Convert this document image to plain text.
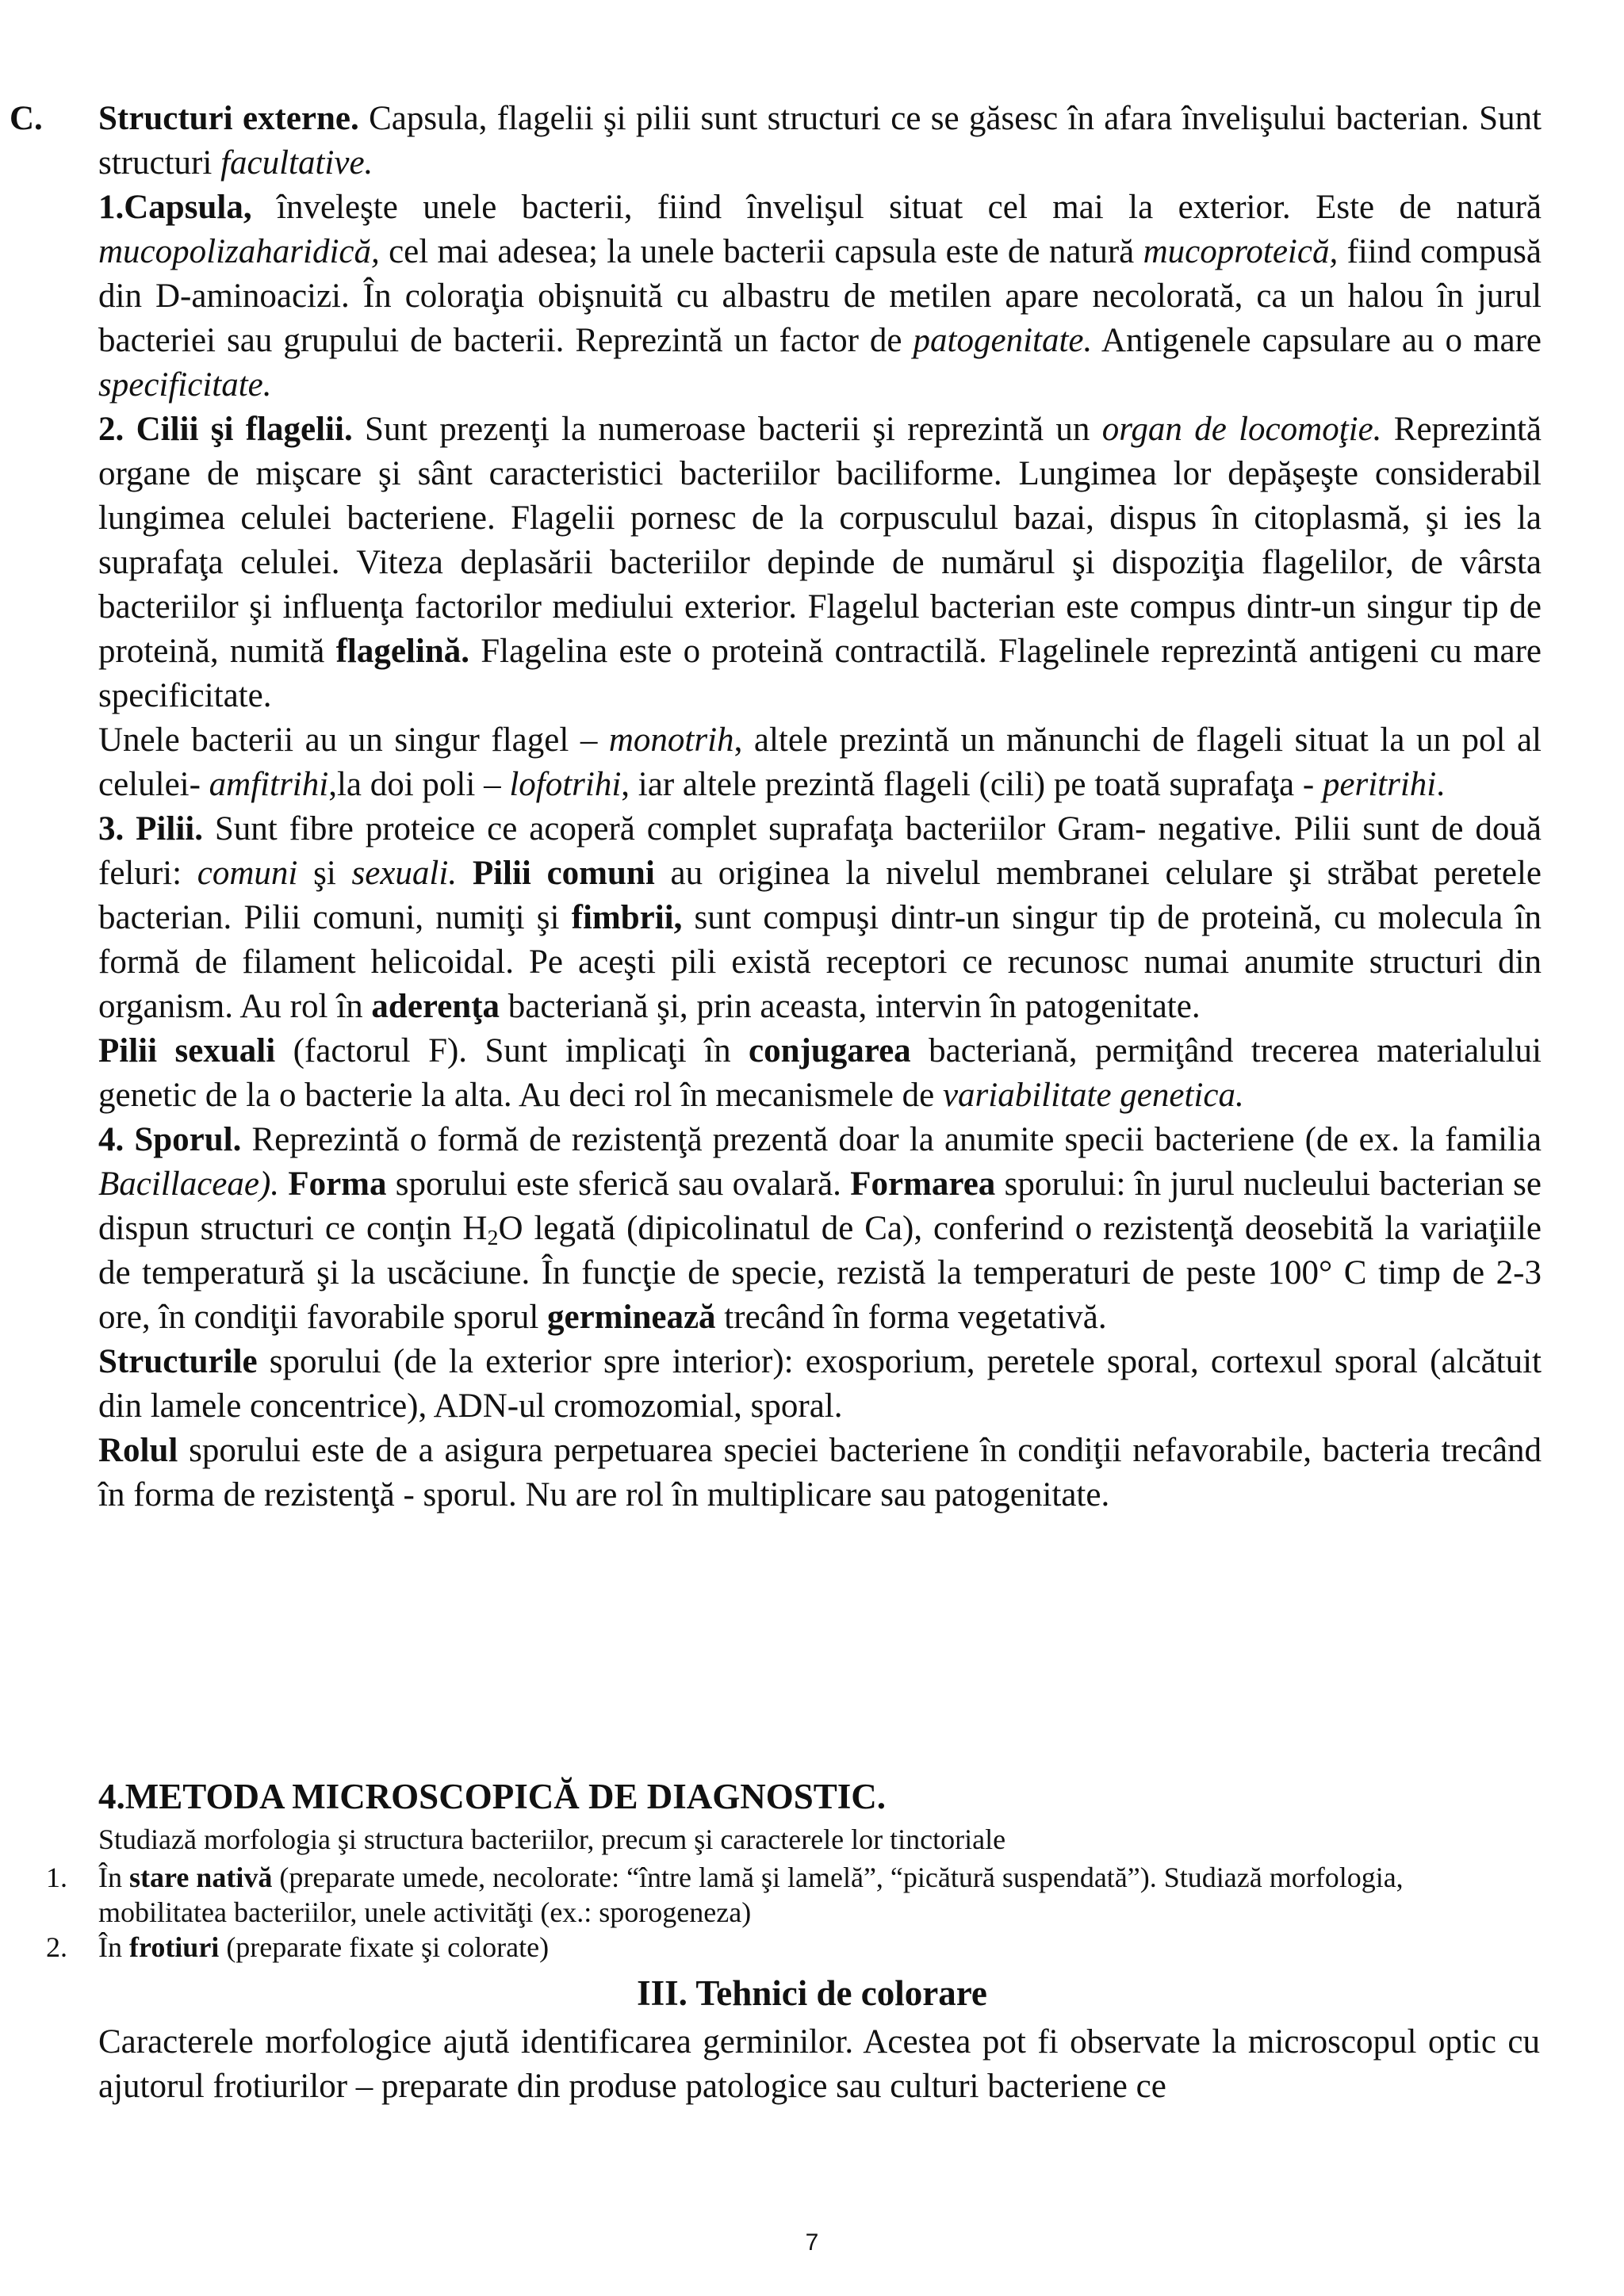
C. Structuri externe. Capsula, flagelii şi pilii sunt structuri ce se găsesc în afara învelişului bacterian. Sunt structuri facultative.

1.Capsula, înveleşte unele bacterii, fiind învelişul situat cel mai la exterior. Este de natură mucopolizaharidică, cel mai adesea; la unele bacterii capsula este de natură mucoproteică, fiind compusă din D-aminoacizi. În coloraţia obişnuită cu albastru de metilen apare necolorată, ca un halou în jurul bacteriei sau grupului de bacterii. Reprezintă un factor de patogenitate. Antigenele capsulare au o mare specificitate.

2. Cilii şi flagelii. Sunt prezenţi la numeroase bacterii şi reprezintă un organ de locomoţie. Reprezintă organe de mişcare şi sânt caracteristici bacteriilor baciliforme. Lungimea lor depăşeşte considerabil lungimea celulei bacteriene. Flagelii pornesc de la corpusculul bazai, dispus în citoplasmă, şi ies la suprafaţa celulei. Viteza deplasării bacteriilor depinde de numărul şi dispoziţia flagelilor, de vârsta bacteriilor şi influenţa factorilor mediului exterior. Flagelul bacterian este compus dintr-un singur tip de proteină, numită flagelină. Flagelina este o proteină contractilă. Flagelinele reprezintă antigeni cu mare specificitate.

Unele bacterii au un singur flagel – monotrih, altele prezintă un mănunchi de flageli situat la un pol al celulei- amfitrihi,la doi poli – lofotrihi, iar altele prezintă flageli (cili) pe toată suprafaţa - peritrihi.

3. Pilii. Sunt fibre proteice ce acoperă complet suprafaţa bacteriilor Gram- negative. Pilii sunt de două feluri: comuni şi sexuali. Pilii comuni au originea la nivelul membranei celulare şi străbat peretele bacterian. Pilii comuni, numiţi şi fimbrii, sunt compuşi dintr-un singur tip de proteină, cu molecula în formă de filament helicoidal. Pe aceşti pili există receptori ce recunosc numai anumite structuri din organism. Au rol în aderenţa bacteriană şi, prin aceasta, intervin în patogenitate.

Pilii sexuali (factorul F). Sunt implicaţi în conjugarea bacteriană, permiţând trecerea materialului genetic de la o bacterie la alta. Au deci rol în mecanismele de variabilitate genetica.

4. Sporul. Reprezintă o formă de rezistenţă prezentă doar la anumite specii bacteriene (de ex. la familia Bacillaceae). Forma sporului este sferică sau ovalară. Formarea sporului: în jurul nucleului bacterian se dispun structuri ce conţin $H_2O$ legată (dipicolinatul de Ca), conferind o rezistenţă deosebită la variaţiile de temperatură şi la uscăciune. În funcţie de specie, rezistă la temperaturi de peste 100° C timp de 2-3 ore, în condiţii favorabile sporul germinează trecând în forma vegetativă.

Structurile sporului (de la exterior spre interior): exosporium, peretele sporal, cortexul sporal (alcătuit din lamele concentrice), ADN-ul cromozomial, sporal.

Rolul sporului este de a asigura perpetuarea speciei bacteriene în condiţii nefavorabile, bacteria trecând în forma de rezistenţă - sporul. Nu are rol în multiplicare sau patogenitate.

4.METODA MICROSCOPICĂ DE DIAGNOSTIC.

Studiază morfologia şi structura bacteriilor, precum şi caracterele lor tinctoriale

1.	În stare nativă (preparate umede, necolorate: “între lamă şi lamelă”, “picătură suspendată”). Studiază morfologia, mobilitatea bacteriilor, unele activităţi (ex.: sporogeneza)
2.	În frotiuri (preparate fixate şi colorate)

III. Tehnici de colorare

Caracterele morfologice ajută identificarea germinilor. Acestea pot fi observate la microscopul optic cu ajutorul frotiurilor – preparate din produse patologice sau culturi bacteriene ce

7
